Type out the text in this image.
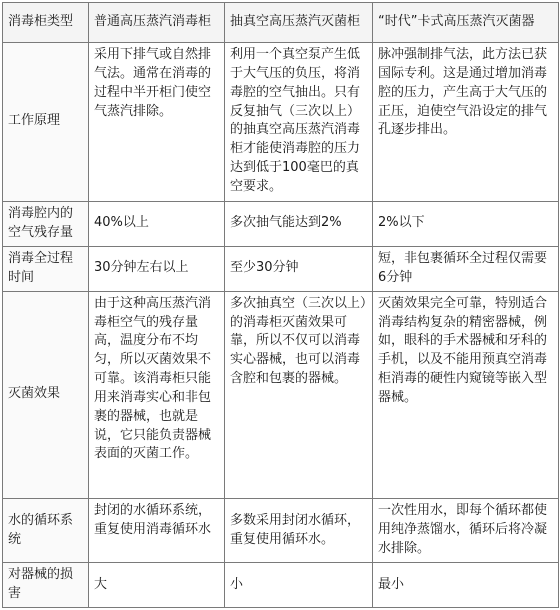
消毒柜类型	普通高压蒸汽消毒柜	抽真空高压蒸汽灭菌柜	“时代”卡式高压蒸汽灭菌器
工作原理	采用下排气或自然排气法。通常在消毒的过程中半开柜门使空气蒸汽排除。	利用一个真空泵产生低于大气压的负压，将消毒腔的空气抽出。只有反复抽气（三次以上）的抽真空高压蒸汽消毒柜才能使消毒腔的压力达到低于100毫巴的真空要求。	脉冲强制排气法，此方法已获国际专利。这是通过增加消毒腔的压力，产生高于大气压的正压，迫使空气沿设定的排气孔逐步排出。
消毒腔内的空气残存量	40%以上	多次抽气能达到2%	2%以下
消毒全过程时间	30分钟左右以上	至少30分钟	短，非包裹循环全过程仅需要6分钟
灭菌效果	由于这种高压蒸汽消毒柜空气的残存量高，温度分布不均匀，所以灭菌效果不可靠。该消毒柜只能用来消毒实心和非包裹的器械，也就是说，它只能负责器械表面的灭菌工作。	多次抽真空（三次以上）的消毒柜灭菌效果可靠，所以不仅可以消毒实心器械，也可以消毒含腔和包裹的器械。	灭菌效果完全可靠，特别适合消毒结构复杂的精密器械，例如，眼科的手术器械和牙科的手机，以及不能用预真空消毒柜消毒的硬性内窥镜等嵌入型器械。
水的循环系统	封闭的水循环系统，重复使用消毒循环水	多数采用封闭水循环，重复使用循环水。	一次性用水，即每个循环都使用纯净蒸馏水，循环后将冷凝水排除。
对器械的损害	大	小	最小
